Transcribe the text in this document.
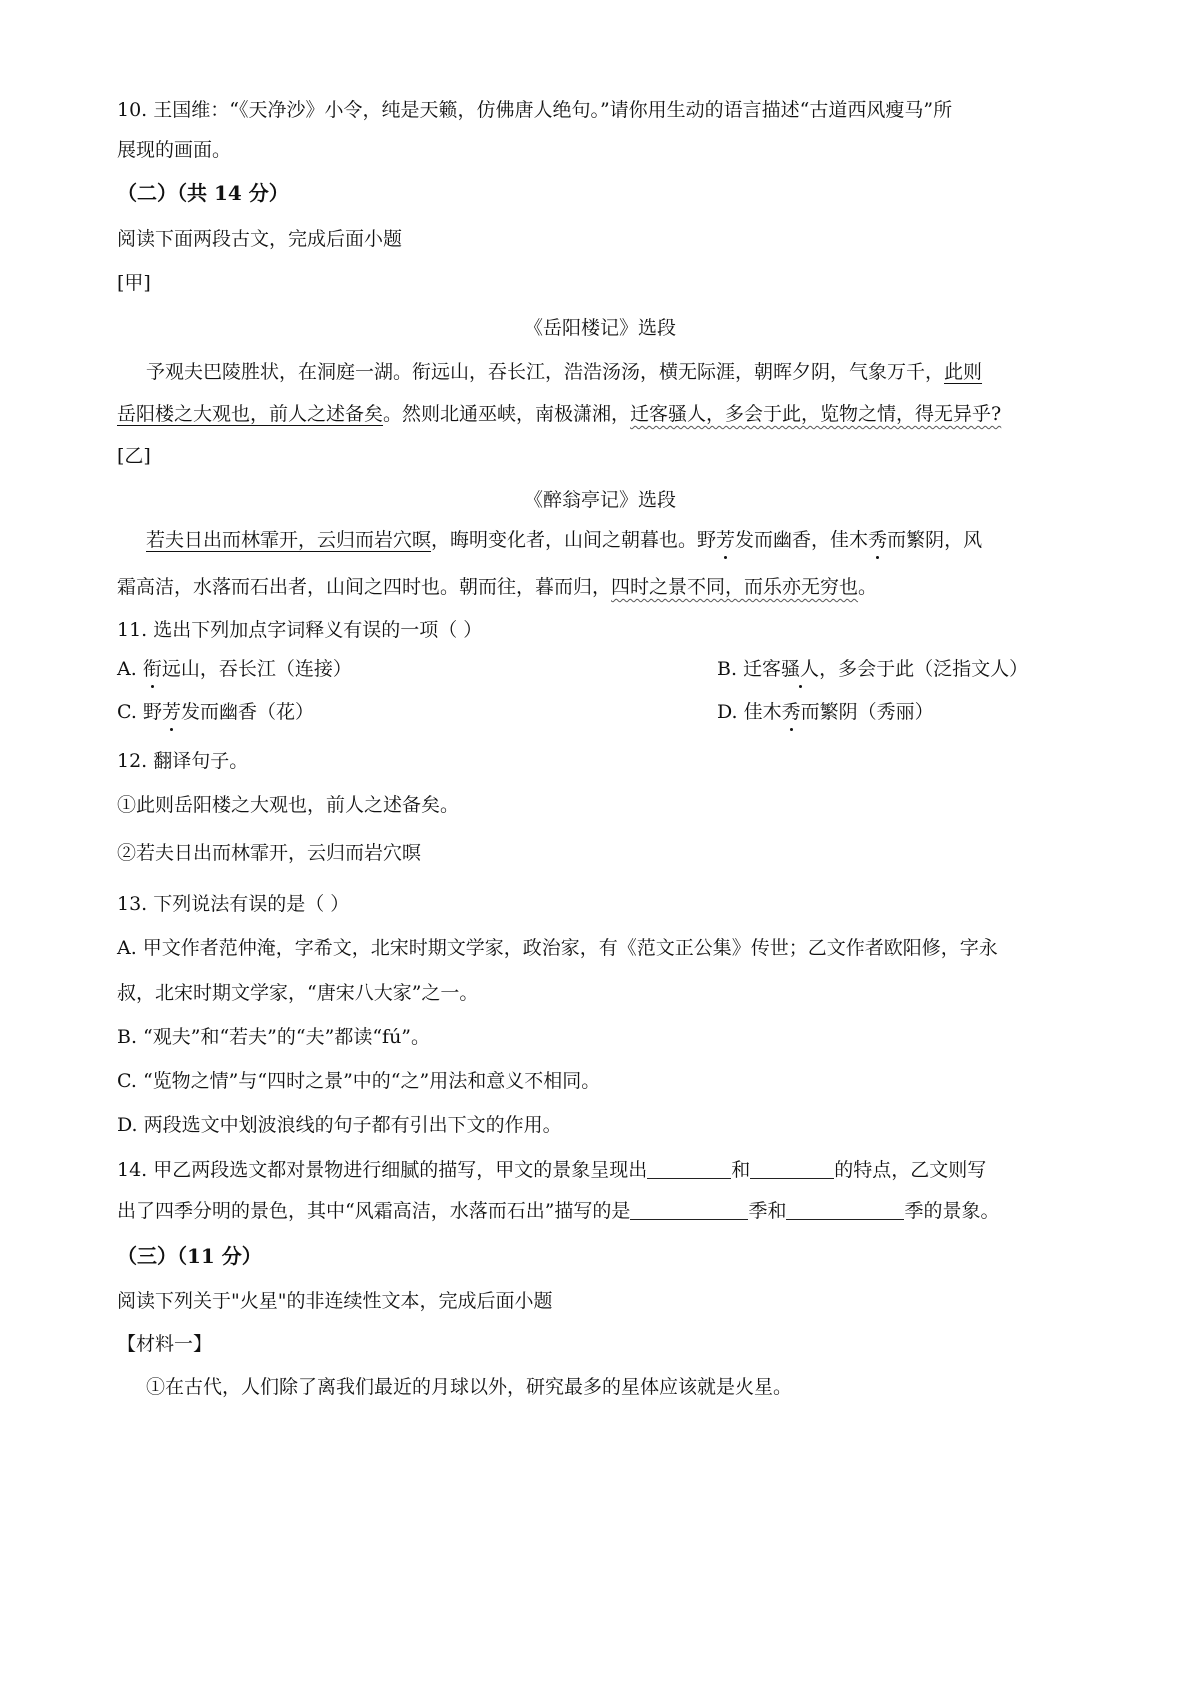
10. 王国维：“《天净沙》小令，纯是天籁，仿佛唐人绝句。”请你用生动的语言描述“古道西风瘦马”所
展现的画面。
（二）（共 14 分）
阅读下面两段古文，完成后面小题
[甲]
《岳阳楼记》选段
予观夫巴陵胜状，在洞庭一湖。衔远山，吞长江，浩浩汤汤，横无际涯，朝晖夕阴，气象万千，此则
岳阳楼之大观也，前人之述备矣。然则北通巫峡，南极潇湘，迁客骚人，多会于此，览物之情，得无异乎?
[乙]
《醉翁亭记》选段
若夫日出而林霏开，云归而岩穴暝，晦明变化者，山间之朝暮也。野芳发而幽香，佳木秀而繁阴，风
霜高洁，水落而石出者，山间之四时也。朝而往，暮而归，四时之景不同，而乐亦无穷也。
11. 选出下列加点字词释义有误的一项（ ）
A. 衔远山，吞长江（连接）	B. 迁客骚人，多会于此（泛指文人）
C. 野芳发而幽香（花）	D. 佳木秀而繁阴（秀丽）
12. 翻译句子。
①此则岳阳楼之大观也，前人之述备矣。
②若夫日出而林霏开，云归而岩穴暝
13. 下列说法有误的是（ ）
A. 甲文作者范仲淹，字希文，北宋时期文学家，政治家，有《范文正公集》传世；乙文作者欧阳修，字永
叔，北宋时期文学家，“唐宋八大家”之一。
B. “观夫”和“若夫”的“夫”都读“fú”。
C. “览物之情”与“四时之景”中的“之”用法和意义不相同。
D. 两段选文中划波浪线的句子都有引出下文的作用。
14. 甲乙两段选文都对景物进行细腻的描写，甲文的景象呈现出	和	的特点，乙文则写
出了四季分明的景色，其中“风霜高洁，水落而石出”描写的是	季和	季的景象。
（三）（11 分）
阅读下列关于"火星"的非连续性文本，完成后面小题
【材料一】
①在古代，人们除了离我们最近的月球以外，研究最多的星体应该就是火星。
